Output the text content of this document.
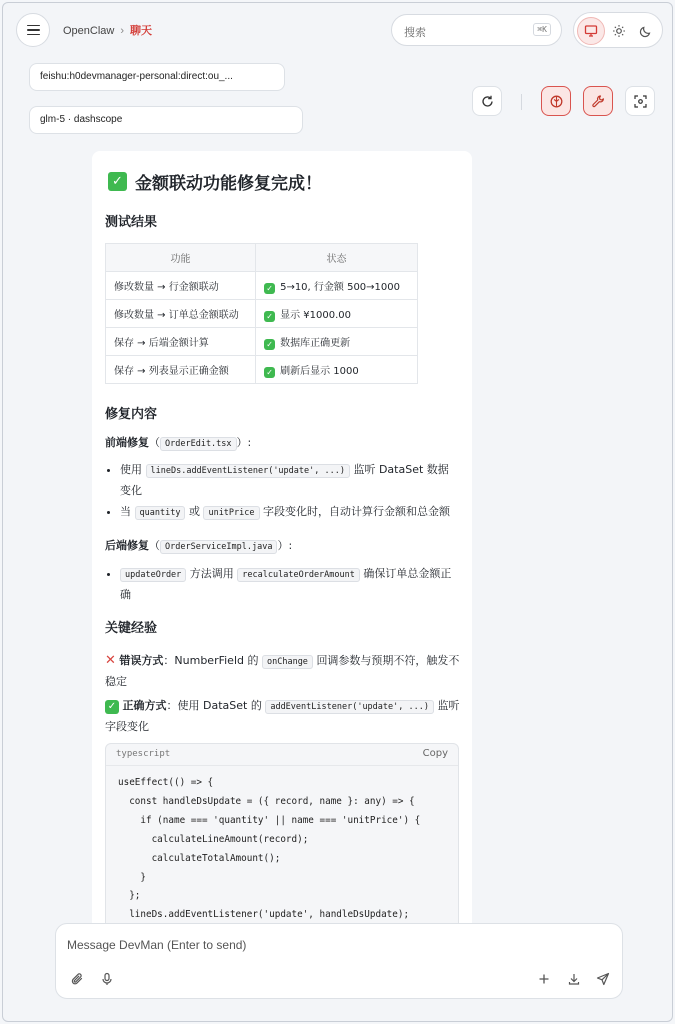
OpenClaw › 聊天	搜索	⌘K
feishu:h0devmanager-personal:direct:ou_...
glm-5 · dashscope
✓ 金额联动功能修复完成！
测试结果
功能	状态
修改数量 → 行金额联动	✓ 5→10, 行金额 500→1000
修改数量 → 订单总金额联动	✓ 显示 ¥1000.00
保存 → 后端金额计算	✓ 数据库正确更新
保存 → 列表显示正确金额	✓ 刷新后显示 1000
修复内容
前端修复（ OrderEdit.tsx ）:
• 使用 lineDs.addEventListener('update', ...) 监听 DataSet 数据变化
• 当 quantity 或 unitPrice 字段变化时，自动计算行金额和总金额
后端修复（ OrderServiceImpl.java ）:
• updateOrder 方法调用 recalculateOrderAmount 确保订单总金额正确
关键经验
✕ 错误方式：NumberField 的 onChange 回调参数与预期不符，触发不稳定
✓ 正确方式：使用 DataSet 的 addEventListener('update', ...) 监听字段变化
typescript	Copy
useEffect(() => {
const handleDsUpdate = ({ record, name }: any) => {
if (name === 'quantity' || name === 'unitPrice') {
calculateLineAmount(record);
calculateTotalAmount();
}
};
lineDs.addEventListener('update', handleDsUpdate);
Message DevMan (Enter to send)
